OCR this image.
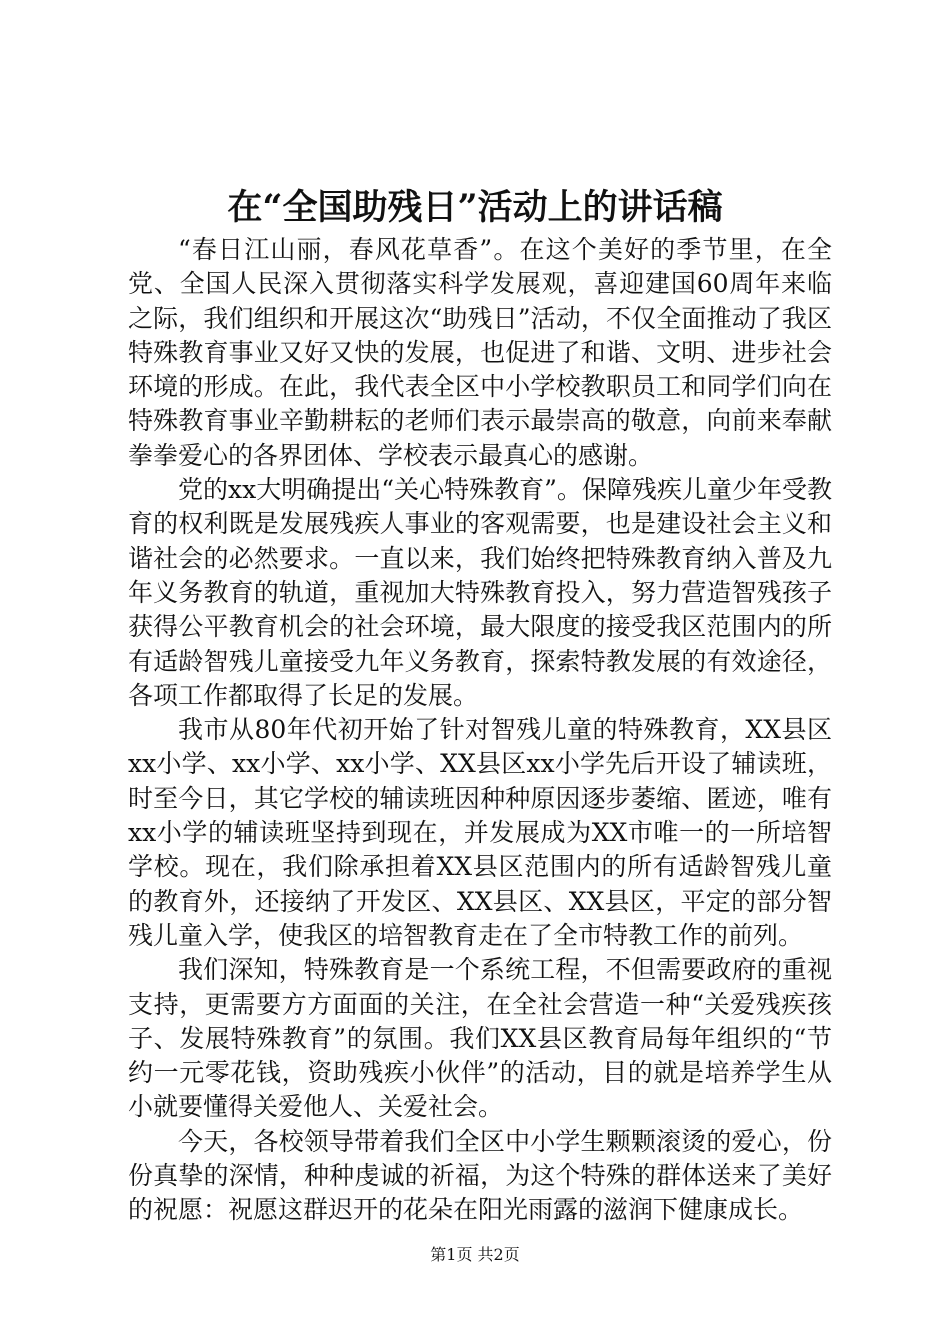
在“全国助残日”活动上的讲话稿

“春日江山丽，春风花草香”。在这个美好的季节里，在全党、全国人民深入贯彻落实科学发展观，喜迎建国60周年来临之际，我们组织和开展这次“助残日”活动，不仅全面推动了我区特殊教育事业又好又快的发展，也促进了和谐、文明、进步社会环境的形成。在此，我代表全区中小学校教职员工和同学们向在特殊教育事业辛勤耕耘的老师们表示最崇高的敬意，向前来奉献拳拳爱心的各界团体、学校表示最真心的感谢。

党的xx大明确提出“关心特殊教育”。保障残疾儿童少年受教育的权利既是发展残疾人事业的客观需要，也是建设社会主义和谐社会的必然要求。一直以来，我们始终把特殊教育纳入普及九年义务教育的轨道，重视加大特殊教育投入，努力营造智残孩子获得公平教育机会的社会环境，最大限度的接受我区范围内的所有适龄智残儿童接受九年义务教育，探索特教发展的有效途径，各项工作都取得了长足的发展。

我市从80年代初开始了针对智残儿童的特殊教育，XX县区xx小学、xx小学、xx小学、XX县区xx小学先后开设了辅读班，时至今日，其它学校的辅读班因种种原因逐步萎缩、匿迹，唯有xx小学的辅读班坚持到现在，并发展成为XX市唯一的一所培智学校。现在，我们除承担着XX县区范围内的所有适龄智残儿童的教育外，还接纳了开发区、XX县区、XX县区，平定的部分智残儿童入学，使我区的培智教育走在了全市特教工作的前列。

我们深知，特殊教育是一个系统工程，不但需要政府的重视支持，更需要方方面面的关注，在全社会营造一种“关爱残疾孩子、发展特殊教育”的氛围。我们XX县区教育局每年组织的“节约一元零花钱，资助残疾小伙伴”的活动，目的就是培养学生从小就要懂得关爱他人、关爱社会。

今天，各校领导带着我们全区中小学生颗颗滚烫的爱心，份份真挚的深情，种种虔诚的祈福，为这个特殊的群体送来了美好的祝愿：祝愿这群迟开的花朵在阳光雨露的滋润下健康成长。

第1页 共2页
